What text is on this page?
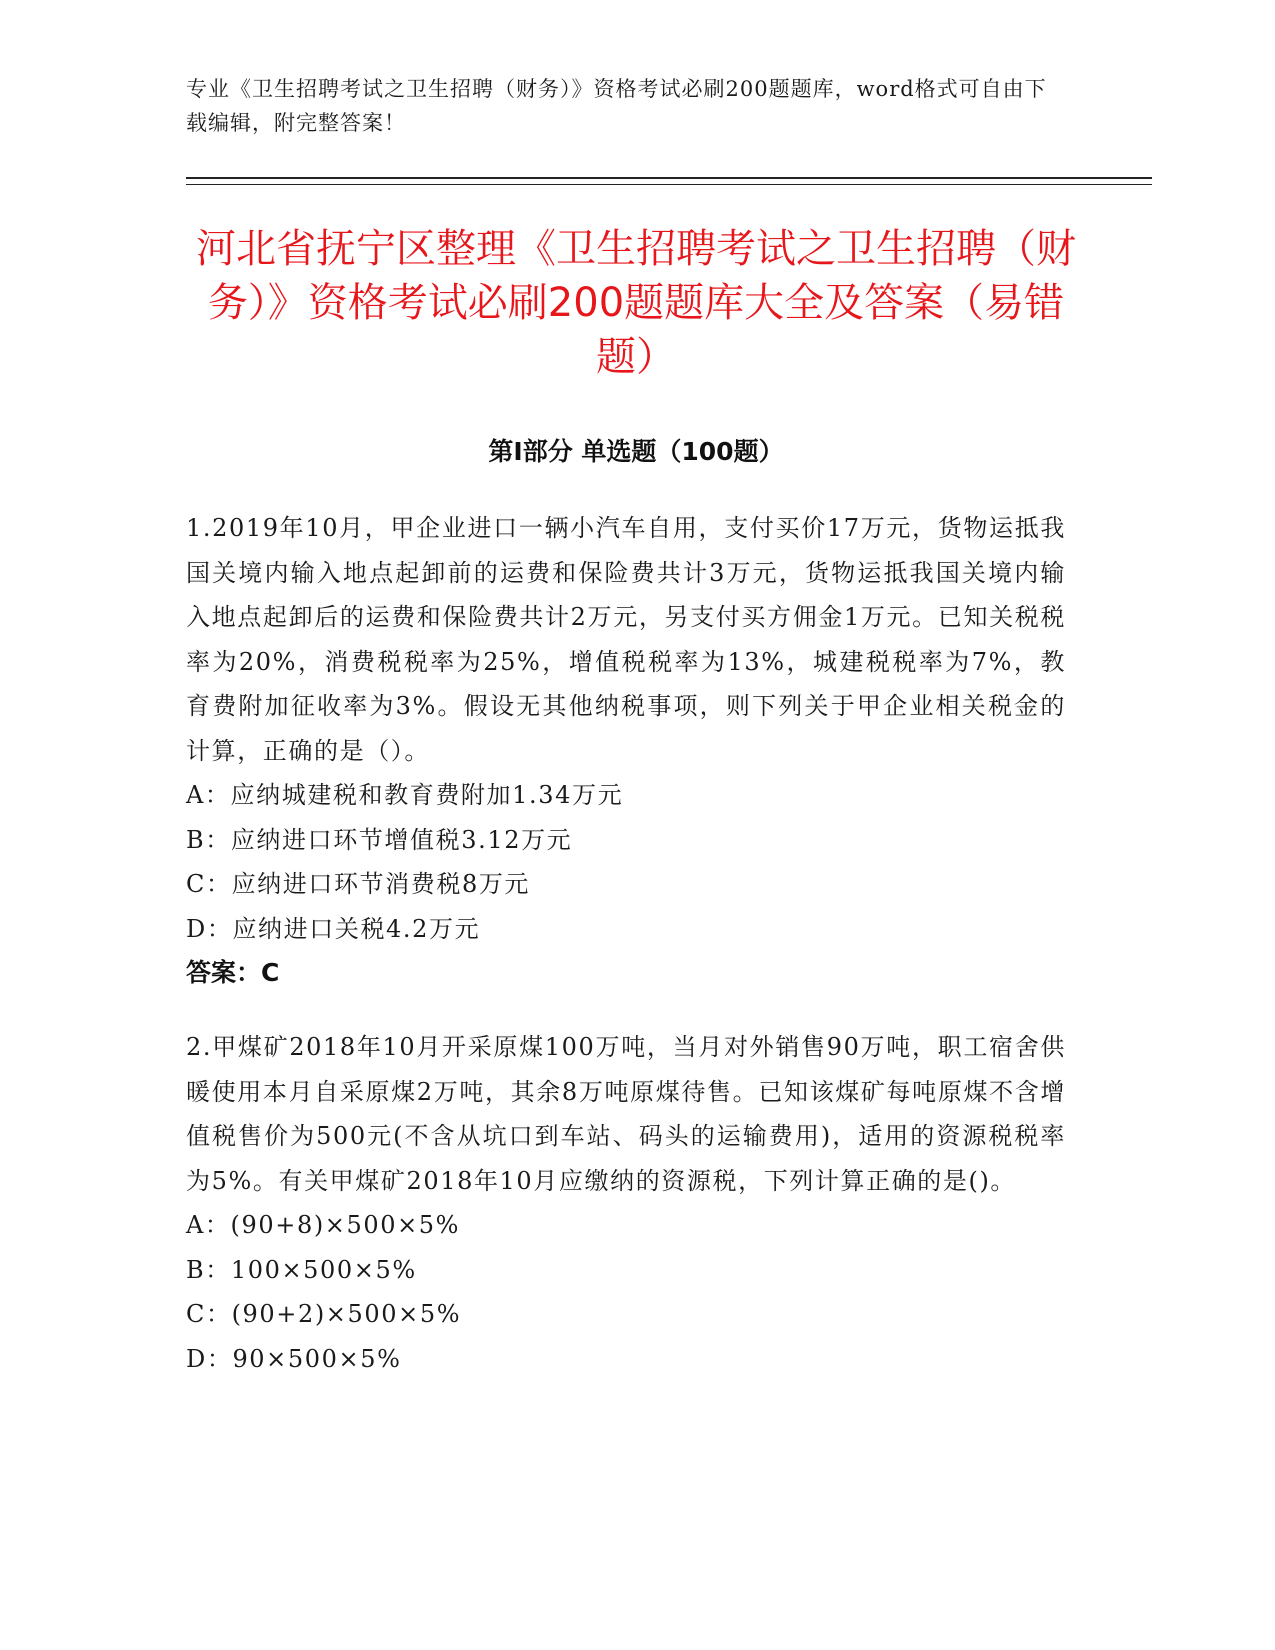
专业《卫生招聘考试之卫生招聘（财务）》资格考试必刷200题题库，word格式可自由下载编辑，附完整答案！
河北省抚宁区整理《卫生招聘考试之卫生招聘（财务）》资格考试必刷200题题库大全及答案（易错题）
第Ⅰ部分 单选题（100题）

1.2019年10月，甲企业进口一辆小汽车自用，支付买价17万元，货物运抵我国关境内输入地点起卸前的运费和保险费共计3万元，货物运抵我国关境内输入地点起卸后的运费和保险费共计2万元，另支付买方佣金1万元。已知关税税率为20%，消费税税率为25%，增值税税率为13%，城建税税率为7%，教育费附加征收率为3%。假设无其他纳税事项，则下列关于甲企业相关税金的计算，正确的是（）。

A：应纳城建税和教育费附加1.34万元

B：应纳进口环节增值税3.12万元

C：应纳进口环节消费税8万元

D：应纳进口关税4.2万元

答案：C

2.甲煤矿2018年10月开采原煤100万吨，当月对外销售90万吨，职工宿舍供暖使用本月自采原煤2万吨，其余8万吨原煤待售。已知该煤矿每吨原煤不含增值税售价为500元(不含从坑口到车站、码头的运输费用)，适用的资源税税率为5%。有关甲煤矿2018年10月应缴纳的资源税，下列计算正确的是()。

A：(90+8)×500×5%

B：100×500×5%

C：(90+2)×500×5%

D：90×500×5%
